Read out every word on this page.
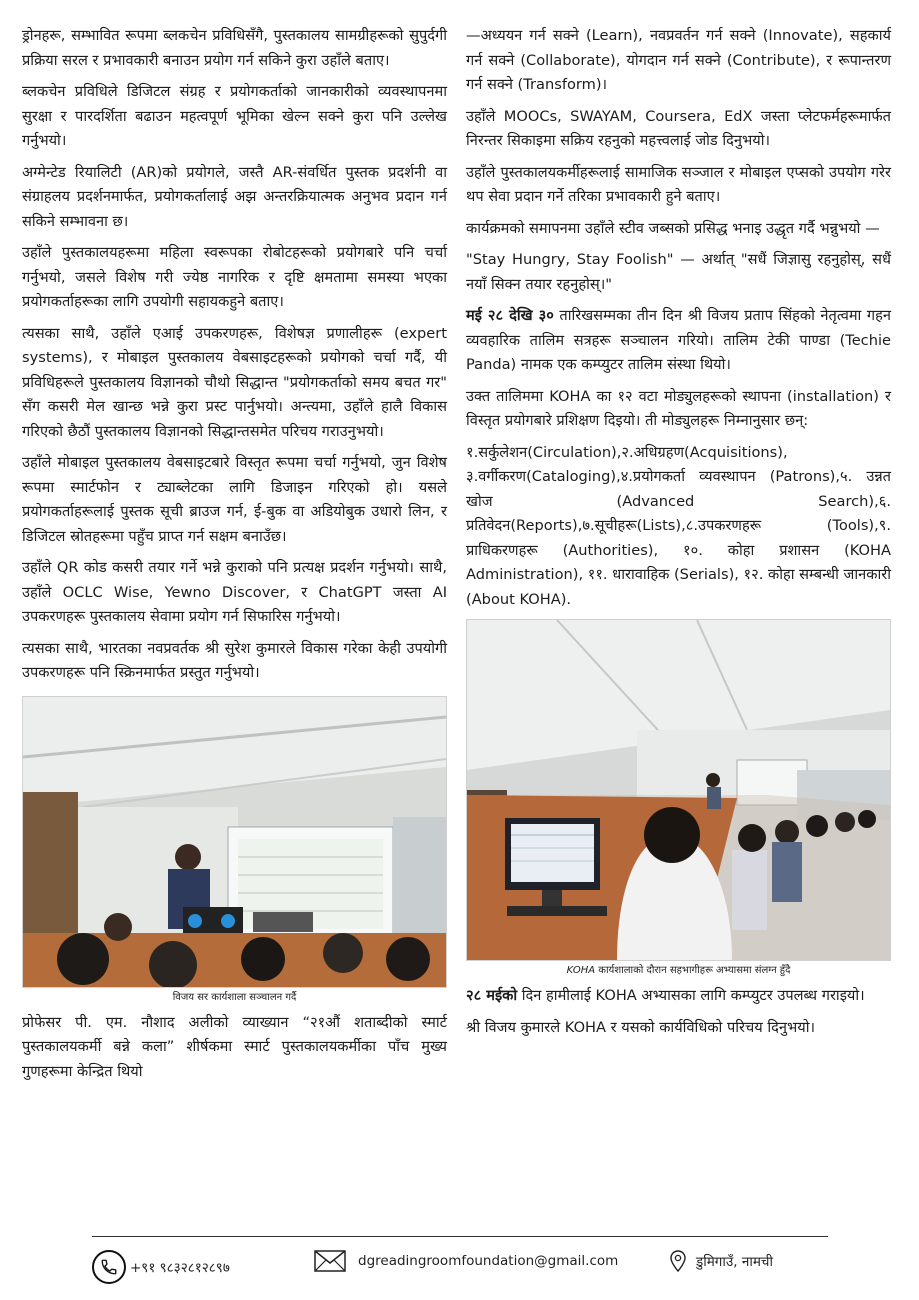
ड्रोनहरू, सम्भावित रूपमा ब्लकचेन प्रविधिसँगै, पुस्तकालय सामग्रीहरूको सुपुर्दगी प्रक्रिया सरल र प्रभावकारी बनाउन प्रयोग गर्न सकिने कुरा उहाँले बताए।

ब्लकचेन प्रविधिले डिजिटल संग्रह र प्रयोगकर्ताको जानकारीको व्यवस्थापनमा सुरक्षा र पारदर्शिता बढाउन महत्वपूर्ण भूमिका खेल्न सक्ने कुरा पनि उल्लेख गर्नुभयो।

अग्मेन्टेड रियालिटी (AR)को प्रयोगले, जस्तै AR-संवर्धित पुस्तक प्रदर्शनी वा संग्राहलय प्रदर्शनमार्फत, प्रयोगकर्तालाई अझ अन्तरक्रियात्मक अनुभव प्रदान गर्न सकिने सम्भावना छ।

उहाँले पुस्तकालयहरूमा महिला स्वरूपका रोबोटहरूको प्रयोगबारे पनि चर्चा गर्नुभयो, जसले विशेष गरी ज्येष्ठ नागरिक र दृष्टि क्षमतामा समस्या भएका प्रयोगकर्ताहरूका लागि उपयोगी सहायकहुने बताए।

त्यसका साथै, उहाँले एआई उपकरणहरू, विशेषज्ञ प्रणालीहरू (expert systems), र मोबाइल पुस्तकालय वेबसाइटहरूको प्रयोगको चर्चा गर्दै, यी प्रविधिहरूले पुस्तकालय विज्ञानको चौथो सिद्धान्त "प्रयोगकर्ताको समय बचत गर" सँग कसरी मेल खान्छ भन्ने कुरा प्रस्ट पार्नुभयो। अन्त्यमा, उहाँले हालै विकास गरिएको छैठौं पुस्तकालय विज्ञानको सिद्धान्तसमेत परिचय गराउनुभयो।

उहाँले मोबाइल पुस्तकालय वेबसाइटबारे विस्तृत रूपमा चर्चा गर्नुभयो, जुन विशेष रूपमा स्मार्टफोन र ट्याब्लेटका लागि डिजाइन गरिएको हो। यसले प्रयोगकर्ताहरूलाई पुस्तक सूची ब्राउज गर्न, ई-बुक वा अडियोबुक उधारो लिन, र डिजिटल स्रोतहरूमा पहुँच प्राप्त गर्न सक्षम बनाउँछ।

उहाँले QR कोड कसरी तयार गर्ने भन्ने कुराको पनि प्रत्यक्ष प्रदर्शन गर्नुभयो। साथै, उहाँले OCLC Wise, Yewno Discover, र ChatGPT जस्ता AI उपकरणहरू पुस्तकालय सेवामा प्रयोग गर्न सिफारिस गर्नुभयो।

त्यसका साथै, भारतका नवप्रवर्तक श्री सुरेश कुमारले विकास गरेका केही उपयोगी उपकरणहरू पनि स्क्रिनमार्फत प्रस्तुत गर्नुभयो।

विजय सर कार्यशाला सञ्चालन गर्दै

प्रोफेसर पी. एम. नौशाद अलीको व्याख्यान “२१औं शताब्दीको स्मार्ट पुस्तकालयकर्मी बन्ने कला” शीर्षकमा स्मार्ट पुस्तकालयकर्मीका पाँच मुख्य गुणहरूमा केन्द्रित थियो

—अध्ययन गर्न सक्ने (Learn), नवप्रवर्तन गर्न सक्ने (Innovate), सहकार्य गर्न सक्ने (Collaborate), योगदान गर्न सक्ने (Contribute), र रूपान्तरण गर्न सक्ने (Transform)।

उहाँले MOOCs, SWAYAM, Coursera, EdX जस्ता प्लेटफर्महरूमार्फत निरन्तर सिकाइमा सक्रिय रहनुको महत्त्वलाई जोड दिनुभयो।

उहाँले पुस्तकालयकर्मीहरूलाई सामाजिक सञ्जाल र मोबाइल एप्सको उपयोग गरेर थप सेवा प्रदान गर्ने तरिका प्रभावकारी हुने बताए।

कार्यक्रमको समापनमा उहाँले स्टीव जब्सको प्रसिद्ध भनाइ उद्धृत गर्दै भन्नुभयो —

"Stay Hungry, Stay Foolish" — अर्थात् "सधैं जिज्ञासु रहनुहोस्, सधैं नयाँ सिक्न तयार रहनुहोस्।"

मई २८ देखि ३० तारिखसम्मका तीन दिन श्री विजय प्रताप सिंहको नेतृत्वमा गहन व्यवहारिक तालिम सत्रहरू सञ्चालन गरियो। तालिम टेकी पाण्डा (Techie Panda) नामक एक कम्प्युटर तालिम संस्था थियो।

उक्त तालिममा KOHA का १२ वटा मोड्युलहरूको स्थापना (installation) र विस्तृत प्रयोगबारे प्रशिक्षण दिइयो। ती मोड्युलहरू निम्नानुसार छन्:

१.सर्कुलेशन(Circulation),२.अधिग्रहण(Acquisitions), ३.वर्गीकरण(Cataloging),४.प्रयोगकर्ता व्यवस्थापन (Patrons),५. उन्नत खोज (Advanced Search),६. प्रतिवेदन(Reports),७.सूचीहरू(Lists),८.उपकरणहरू (Tools),९. प्राधिकरणहरू (Authorities), १०. कोहा प्रशासन (KOHA Administration), ११. धारावाहिक (Serials), १२. कोहा सम्बन्धी जानकारी (About KOHA).

KOHA कार्यशालाको दौरान सहभागीहरू अभ्यासमा संलग्न हुँदै

२८ मईको दिन हामीलाई KOHA अभ्यासका लागि कम्प्युटर उपलब्ध गराइयो।

श्री विजय कुमारले KOHA र यसको कार्यविधिको परिचय दिनुभयो।

+९१ ९८३२८१२८९७	dgreadingroomfoundation@gmail.com	डुमिगाउँ, नामची
